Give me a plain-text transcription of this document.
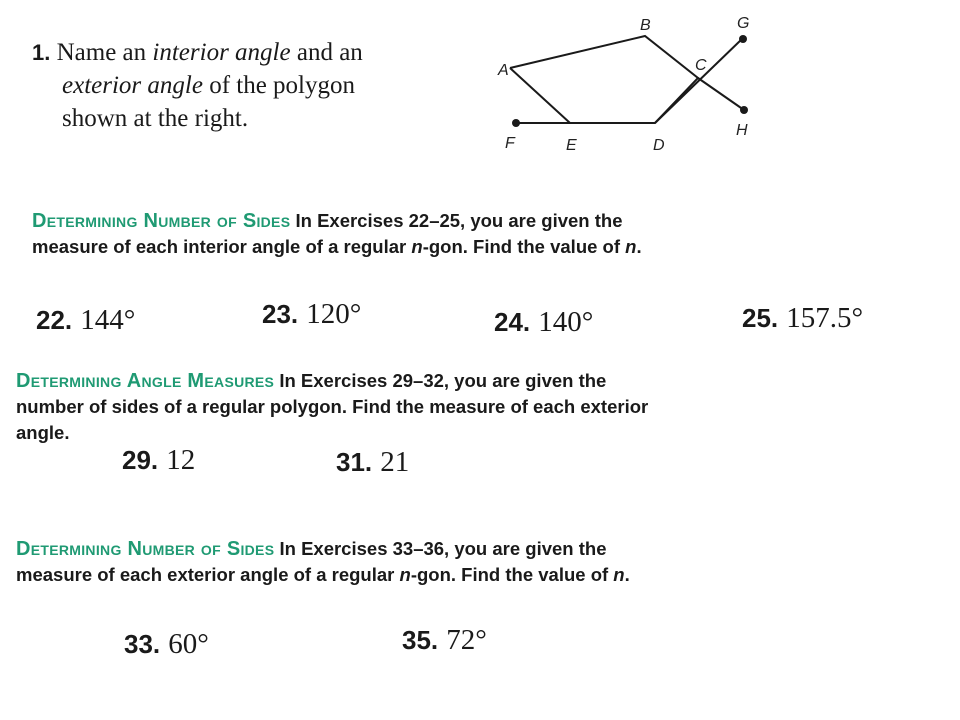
1. Name an interior angle and an
exterior angle of the polygon
shown at the right.
A
B
C
D
E
F
G
H
Determining Number of Sides In Exercises 22–25, you are given the
measure of each interior angle of a regular n-gon. Find the value of n.
22. 144°	23. 120°	24. 140°	25. 157.5°
Determining Angle Measures In Exercises 29–32, you are given the
number of sides of a regular polygon. Find the measure of each exterior
angle.
29. 12	31. 21
Determining Number of Sides In Exercises 33–36, you are given the
measure of each exterior angle of a regular n-gon. Find the value of n.
33. 60°	35. 72°
